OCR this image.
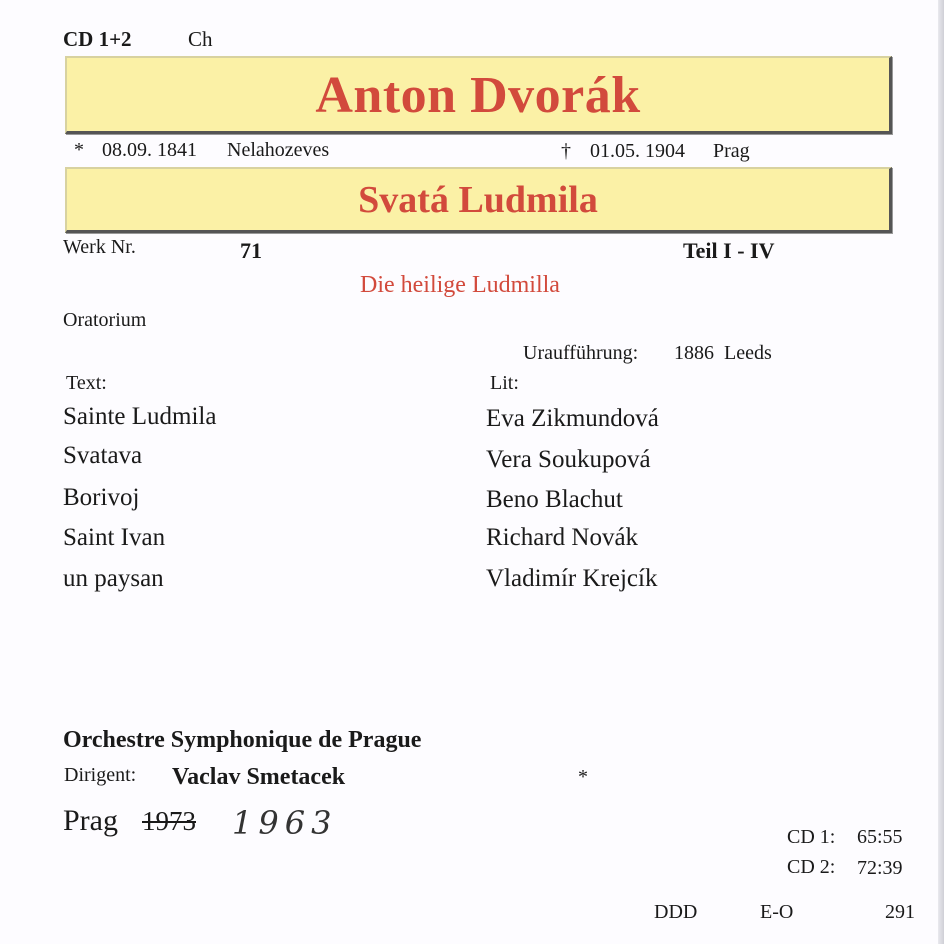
CD 1+2	Ch
Anton Dvorák
* 08.09. 1841 Nelahozeves	† 01.05. 1904 Prag
Svatá Ludmila
Werk Nr.	71	Teil I - IV
Die heilige Ludmilla
Oratorium
Uraufführung: 1886  Leeds
Text:	Lit:
Sainte Ludmila	Eva Zikmundová
Svatava	Vera Soukupová
Borivoj	Beno Blachut
Saint Ivan	Richard Novák
un paysan	Vladimír Krejcík
Orchestre Symphonique de Prague
Dirigent: Vaclav Smetacek	*
Prag 1973 1963	CD 1: 65:55
CD 2: 72:39
DDD	E-O	291
